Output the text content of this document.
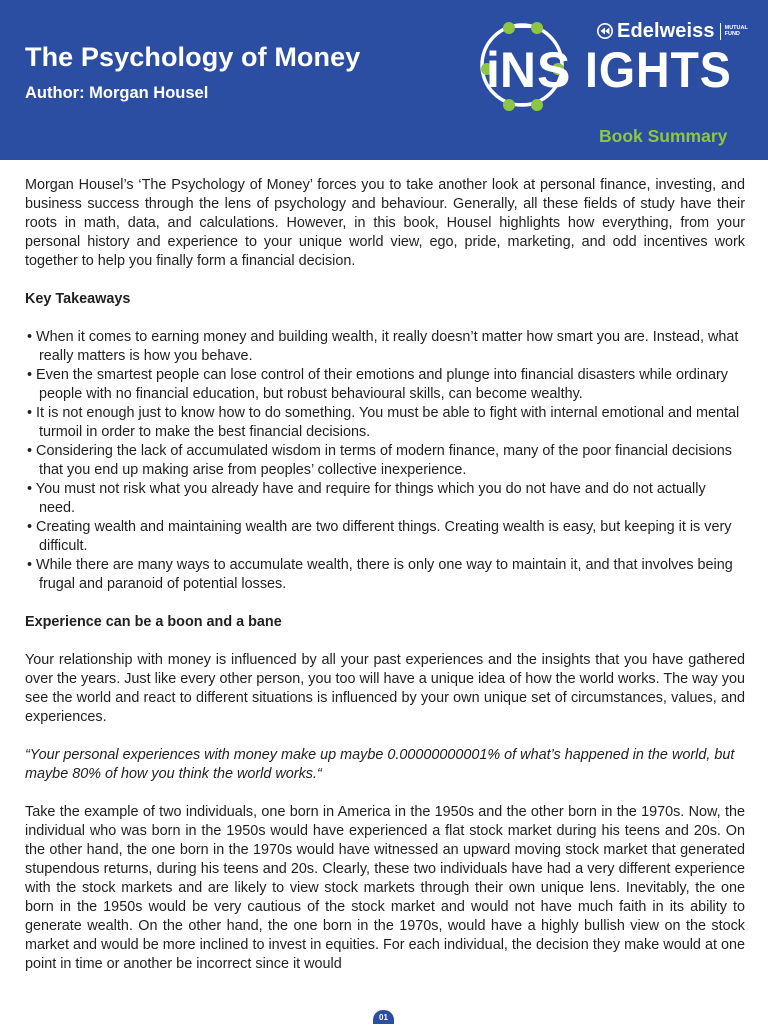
The Psychology of Money
Author: Morgan Housel
Edelweiss MUTUAL
FUND
iNS IGHTS
Book Summary

Morgan Housel’s ‘The Psychology of Money’ forces you to take another look at personal finance, investing, and business success through the lens of psychology and behaviour. Generally, all these fields of study have their roots in math, data, and calculations. However, in this book, Housel highlights how everything, from your personal history and experience to your unique world view, ego, pride, marketing, and odd incentives work together to help you finally form a financial decision.

Key Takeaways
• When it comes to earning money and building wealth, it really doesn’t matter how smart you are. Instead, what really matters is how you behave.
• Even the smartest people can lose control of their emotions and plunge into financial disasters while ordinary people with no financial education, but robust behavioural skills, can become wealthy.
• It is not enough just to know how to do something. You must be able to fight with internal emotional and mental turmoil in order to make the best financial decisions.
• Considering the lack of accumulated wisdom in terms of modern finance, many of the poor financial decisions that you end up making arise from peoples’ collective inexperience.
• You must not risk what you already have and require for things which you do not have and do not actually need.
• Creating wealth and maintaining wealth are two different things. Creating wealth is easy, but keeping it is very difficult.
• While there are many ways to accumulate wealth, there is only one way to maintain it, and that involves being frugal and paranoid of potential losses.
Experience can be a boon and a bane

Your relationship with money is influenced by all your past experiences and the insights that you have gathered over the years. Just like every other person, you too will have a unique idea of how the world works. The way you see the world and react to different situations is influenced by your own unique set of circumstances, values, and experiences.

“Your personal experiences with money make up maybe 0.00000000001% of what’s happened in the world, but maybe 80% of how you think the world works.“

Take the example of two individuals, one born in America in the 1950s and the other born in the 1970s. Now, the individual who was born in the 1950s would have experienced a flat stock market during his teens and 20s. On the other hand, the one born in the 1970s would have witnessed an upward moving stock market that generated stupendous returns, during his teens and 20s. Clearly, these two individuals have had a very different experience with the stock markets and are likely to view stock markets through their own unique lens. Inevitably, the one born in the 1950s would be very cautious of the stock market and would not have much faith in its ability to generate wealth. On the other hand, the one born in the 1970s, would have a highly bullish view on the stock market and would be more inclined to invest in equities. For each individual, the decision they make would at one point in time or another be incorrect since it would

01
